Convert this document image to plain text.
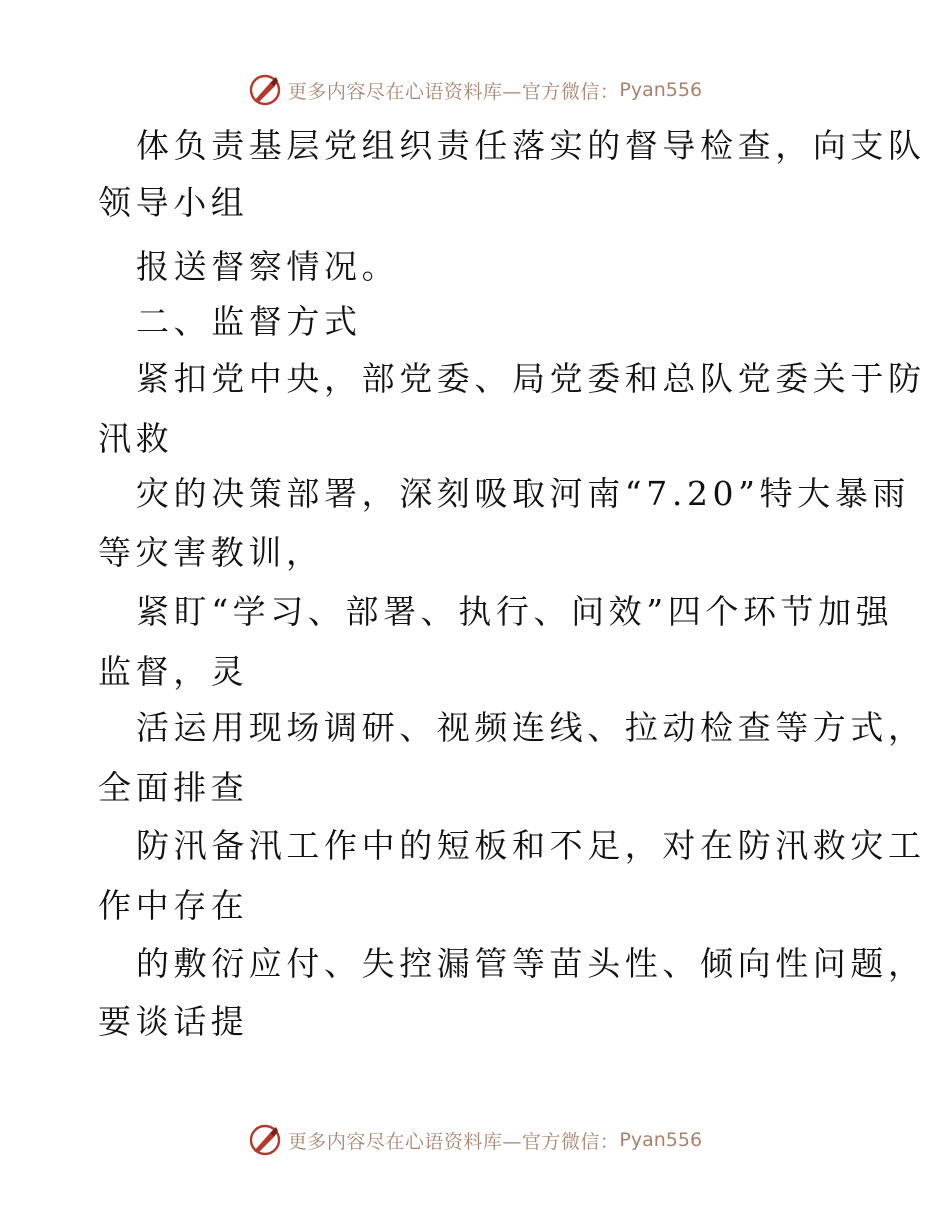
更多内容尽在心语资料库—官方微信： Pyan556
体负责基层党组织责任落实的督导检查，向支队
领导小组
报送督察情况。
二、监督方式
紧扣党中央，部党委、局党委和总队党委关于防
汛救
灾的决策部署，深刻吸取河南“7.20”特大暴雨
等灾害教训，
紧盯“学习、部署、执行、问效”四个环节加强
监督，灵
活运用现场调研、视频连线、拉动检查等方式，
全面排查
防汛备汛工作中的短板和不足，对在防汛救灾工
作中存在
的敷衍应付、失控漏管等苗头性、倾向性问题，
要谈话提
更多内容尽在心语资料库—官方微信： Pyan556
